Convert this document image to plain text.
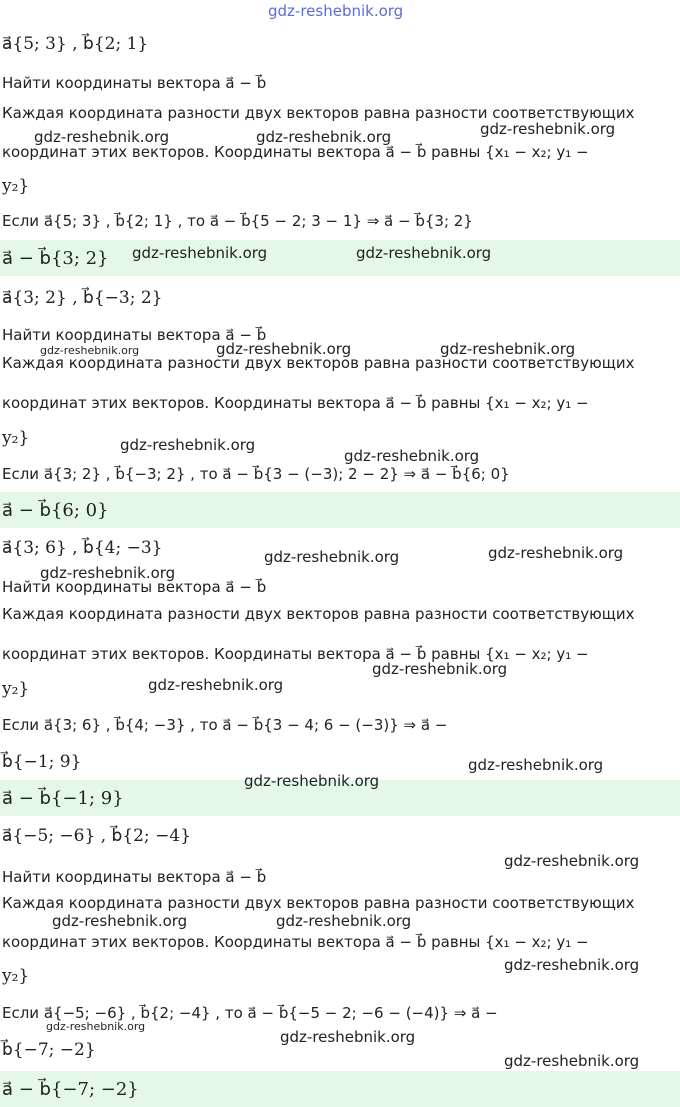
gdz-reshebnik.org
a⃗{5; 3} , b⃗{2; 1}
Найти координаты вектора a⃗ − b⃗
Каждая координата разности двух векторов равна разности соответствующих
координат этих векторов. Координаты вектора a⃗ − b⃗ равны {x₁ − x₂; y₁ −
y₂}
Если a⃗{5; 3} , b⃗{2; 1} , то a⃗ − b⃗{5 − 2; 3 − 1} ⇒ a⃗ − b⃗{3; 2}
a⃗ − b⃗{3; 2}
a⃗{3; 2} , b⃗{−3; 2}
Найти координаты вектора a⃗ − b⃗
Каждая координата разности двух векторов равна разности соответствующих
координат этих векторов. Координаты вектора a⃗ − b⃗ равны {x₁ − x₂; y₁ −
y₂}
Если a⃗{3; 2} , b⃗{−3; 2} , то a⃗ − b⃗{3 − (−3); 2 − 2} ⇒ a⃗ − b⃗{6; 0}
a⃗ − b⃗{6; 0}
a⃗{3; 6} , b⃗{4; −3}
Найти координаты вектора a⃗ − b⃗
Каждая координата разности двух векторов равна разности соответствующих
координат этих векторов. Координаты вектора a⃗ − b⃗ равны {x₁ − x₂; y₁ −
y₂}
Если a⃗{3; 6} , b⃗{4; −3} , то a⃗ − b⃗{3 − 4; 6 − (−3)} ⇒ a⃗ −
b⃗{−1; 9}
a⃗ − b⃗{−1; 9}
a⃗{−5; −6} , b⃗{2; −4}
Найти координаты вектора a⃗ − b⃗
Каждая координата разности двух векторов равна разности соответствующих
координат этих векторов. Координаты вектора a⃗ − b⃗ равны {x₁ − x₂; y₁ −
y₂}
Если a⃗{−5; −6} , b⃗{2; −4} , то a⃗ − b⃗{−5 − 2; −6 − (−4)} ⇒ a⃗ −
b⃗{−7; −2}
a⃗ − b⃗{−7; −2}
gdz-reshebnik.org	gdz-reshebnik.org	gdz-reshebnik.org
gdz-reshebnik.org	gdz-reshebnik.org
gdz-reshebnik.org	gdz-reshebnik.org	gdz-reshebnik.org
gdz-reshebnik.org
gdz-reshebnik.org
gdz-reshebnik.org	gdz-reshebnik.org
gdz-reshebnik.org
gdz-reshebnik.org
gdz-reshebnik.org
gdz-reshebnik.org
gdz-reshebnik.org
gdz-reshebnik.org
gdz-reshebnik.org	gdz-reshebnik.org
gdz-reshebnik.org
gdz-reshebnik.org
gdz-reshebnik.org
gdz-reshebnik.org
